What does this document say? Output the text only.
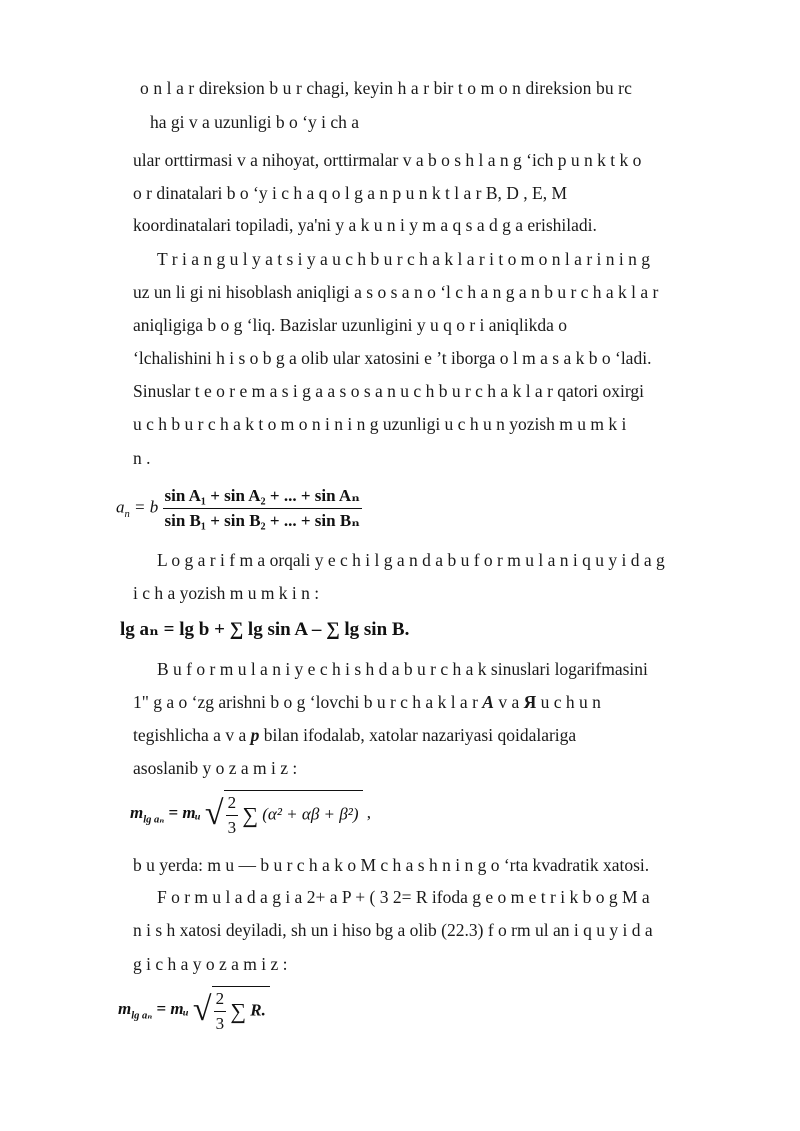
o n l a r direksion b u r chagi, keyin h a r bir t o m o n direksion bu rc

ha gi v a uzunligi b o ‘y i ch a

ular orttirmasi v a nihoyat, orttirmalar v a b o s h l a n g ‘ich p u n k t k o

o r dinatalari b o ‘y i c h a q o l g a n p u n k t l a r B, D , E, M

koordinatalari topiladi, ya'ni y a k u n i y m a q s a d g a erishiladi.

T r i a n g u l y a t s i y a u c h b u r c h a k l a r i t o m o n l a r i n i n g

uz un li gi ni hisoblash aniqligi a s o s a n o ‘l c h a n g a n b u r c h a k l a r

aniqligiga b o g ‘liq. Bazislar uzunligini y u q o r i aniqlikda o

‘lchalishini h i s o b g a olib ular xatosini e ’t iborga o l m a s a k b o ‘ladi.

Sinuslar t e o r e m a s i g a a s o s a n u c h b u r c h a k l a r qatori oxirgi

u c h b u r c h a k t o m o n i n i n g uzunligi u c h u n yozish m u m k i

n .

$a_n = b \frac{\text{sin A₁ + sin A₂ + ... + sin Aₙ}}{\text{sin B₁ + sin B₂ + ... + sin Bₙ}}$

L o g a r i f m a orqali y e c h i l g a n d a b u f o r m u l a n i q u y i d a g

i c h a yozish m u m k i n :

lg aₙ = lg b + ∑ lg sin A – ∑ lg sin B.

B u f o r m u l a n i y e c h i s h d a b u r c h a k sinuslari logarifmasini

1" g a o ‘zg arishni b o g ‘lovchi b u r c h a k l a r A v a Я u c h u n

tegishlicha a v a p bilan ifodalab, xatolar nazariyasi qoidalariga

asoslanib y o z a m i z :

$m_{lg a_n}$ = mᵤ √ $\frac{2}{3}$ ∑ (α² + αβ + β²) ,

b u yerda: m u — b u r c h a k o M c h a s h n i n g o ‘rta kvadratik xatosi.

F o r m u l a d a g i a 2+ a P + ( 3 2= R ifoda g e o m e t r i k b o g M a

n i s h xatosi deyiladi, sh un i hiso bg a olib (22.3) f o rm ul an i q u y i d a

g i c h a y o z a m i z :

$m_{lg a_n}$ = mᵤ √ $\frac{2}{3}$ ∑ R.
